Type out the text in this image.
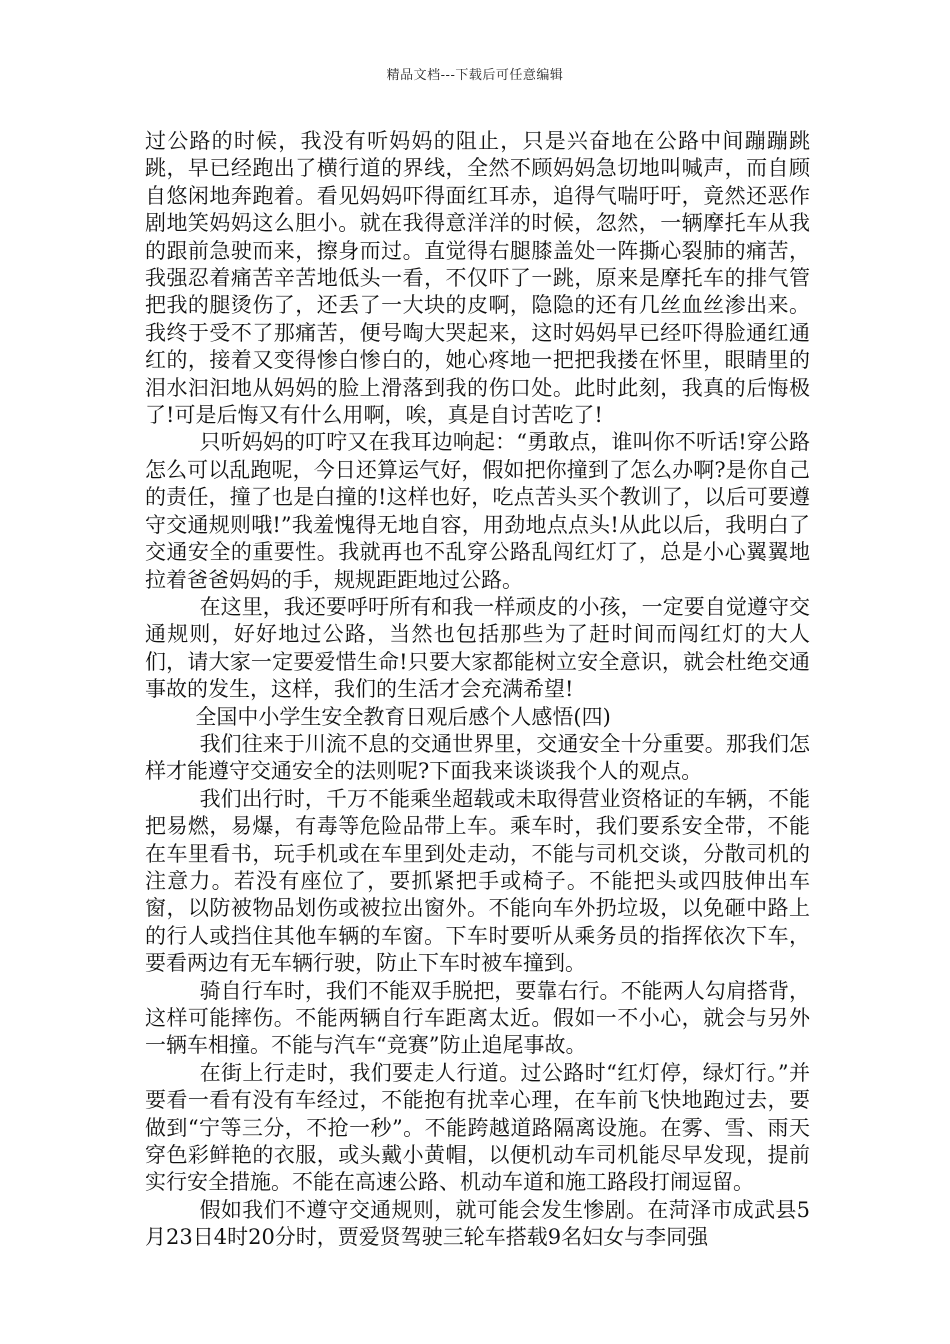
精品文档---下载后可任意编辑

过公路的时候，我没有听妈妈的阻止，只是兴奋地在公路中间蹦蹦跳跳，早已经跑出了横行道的界线，全然不顾妈妈急切地叫喊声，而自顾自悠闲地奔跑着。看见妈妈吓得面红耳赤，追得气喘吁吁，竟然还恶作剧地笑妈妈这么胆小。就在我得意洋洋的时候，忽然，一辆摩托车从我的跟前急驶而来，擦身而过。直觉得右腿膝盖处一阵撕心裂肺的痛苦，我强忍着痛苦辛苦地低头一看，不仅吓了一跳，原来是摩托车的排气管把我的腿烫伤了，还丢了一大块的皮啊，隐隐的还有几丝血丝渗出来。我终于受不了那痛苦，便号啕大哭起来，这时妈妈早已经吓得脸通红通红的，接着又变得惨白惨白的，她心疼地一把把我搂在怀里，眼睛里的泪水汩汩地从妈妈的脸上滑落到我的伤口处。此时此刻，我真的后悔极了!可是后悔又有什么用啊，唉，真是自讨苦吃了!

只听妈妈的叮咛又在我耳边响起：“勇敢点，谁叫你不听话!穿公路怎么可以乱跑呢，今日还算运气好，假如把你撞到了怎么办啊?是你自己的责任，撞了也是白撞的!这样也好，吃点苦头买个教训了，以后可要遵守交通规则哦!”我羞愧得无地自容，用劲地点点头!从此以后，我明白了交通安全的重要性。我就再也不乱穿公路乱闯红灯了，总是小心翼翼地拉着爸爸妈妈的手，规规距距地过公路。

在这里，我还要呼吁所有和我一样顽皮的小孩，一定要自觉遵守交通规则，好好地过公路，当然也包括那些为了赶时间而闯红灯的大人们，请大家一定要爱惜生命!只要大家都能树立安全意识，就会杜绝交通事故的发生，这样，我们的生活才会充满希望!

全国中小学生安全教育日观后感个人感悟(四)

我们往来于川流不息的交通世界里，交通安全十分重要。那我们怎样才能遵守交通安全的法则呢?下面我来谈谈我个人的观点。

我们出行时，千万不能乘坐超载或未取得营业资格证的车辆，不能把易燃，易爆，有毒等危险品带上车。乘车时，我们要系安全带，不能在车里看书，玩手机或在车里到处走动，不能与司机交谈，分散司机的注意力。若没有座位了，要抓紧把手或椅子。不能把头或四肢伸出车窗，以防被物品划伤或被拉出窗外。不能向车外扔垃圾，以免砸中路上的行人或挡住其他车辆的车窗。下车时要听从乘务员的指挥依次下车，要看两边有无车辆行驶，防止下车时被车撞到。

骑自行车时，我们不能双手脱把，要靠右行。不能两人勾肩搭背，这样可能摔伤。不能两辆自行车距离太近。假如一不小心，就会与另外一辆车相撞。不能与汽车“竞赛”防止追尾事故。

在街上行走时，我们要走人行道。过公路时“红灯停，绿灯行。”并要看一看有没有车经过，不能抱有扰幸心理，在车前飞快地跑过去，要做到“宁等三分，不抢一秒”。不能跨越道路隔离设施。在雾、雪、雨天穿色彩鲜艳的衣服，或头戴小黄帽，以便机动车司机能尽早发现，提前实行安全措施。不能在高速公路、机动车道和施工路段打闹逗留。

假如我们不遵守交通规则，就可能会发生惨剧。在菏泽市成武县5月23日4时20分时，贾爱贤驾驶三轮车搭载9名妇女与李同强
